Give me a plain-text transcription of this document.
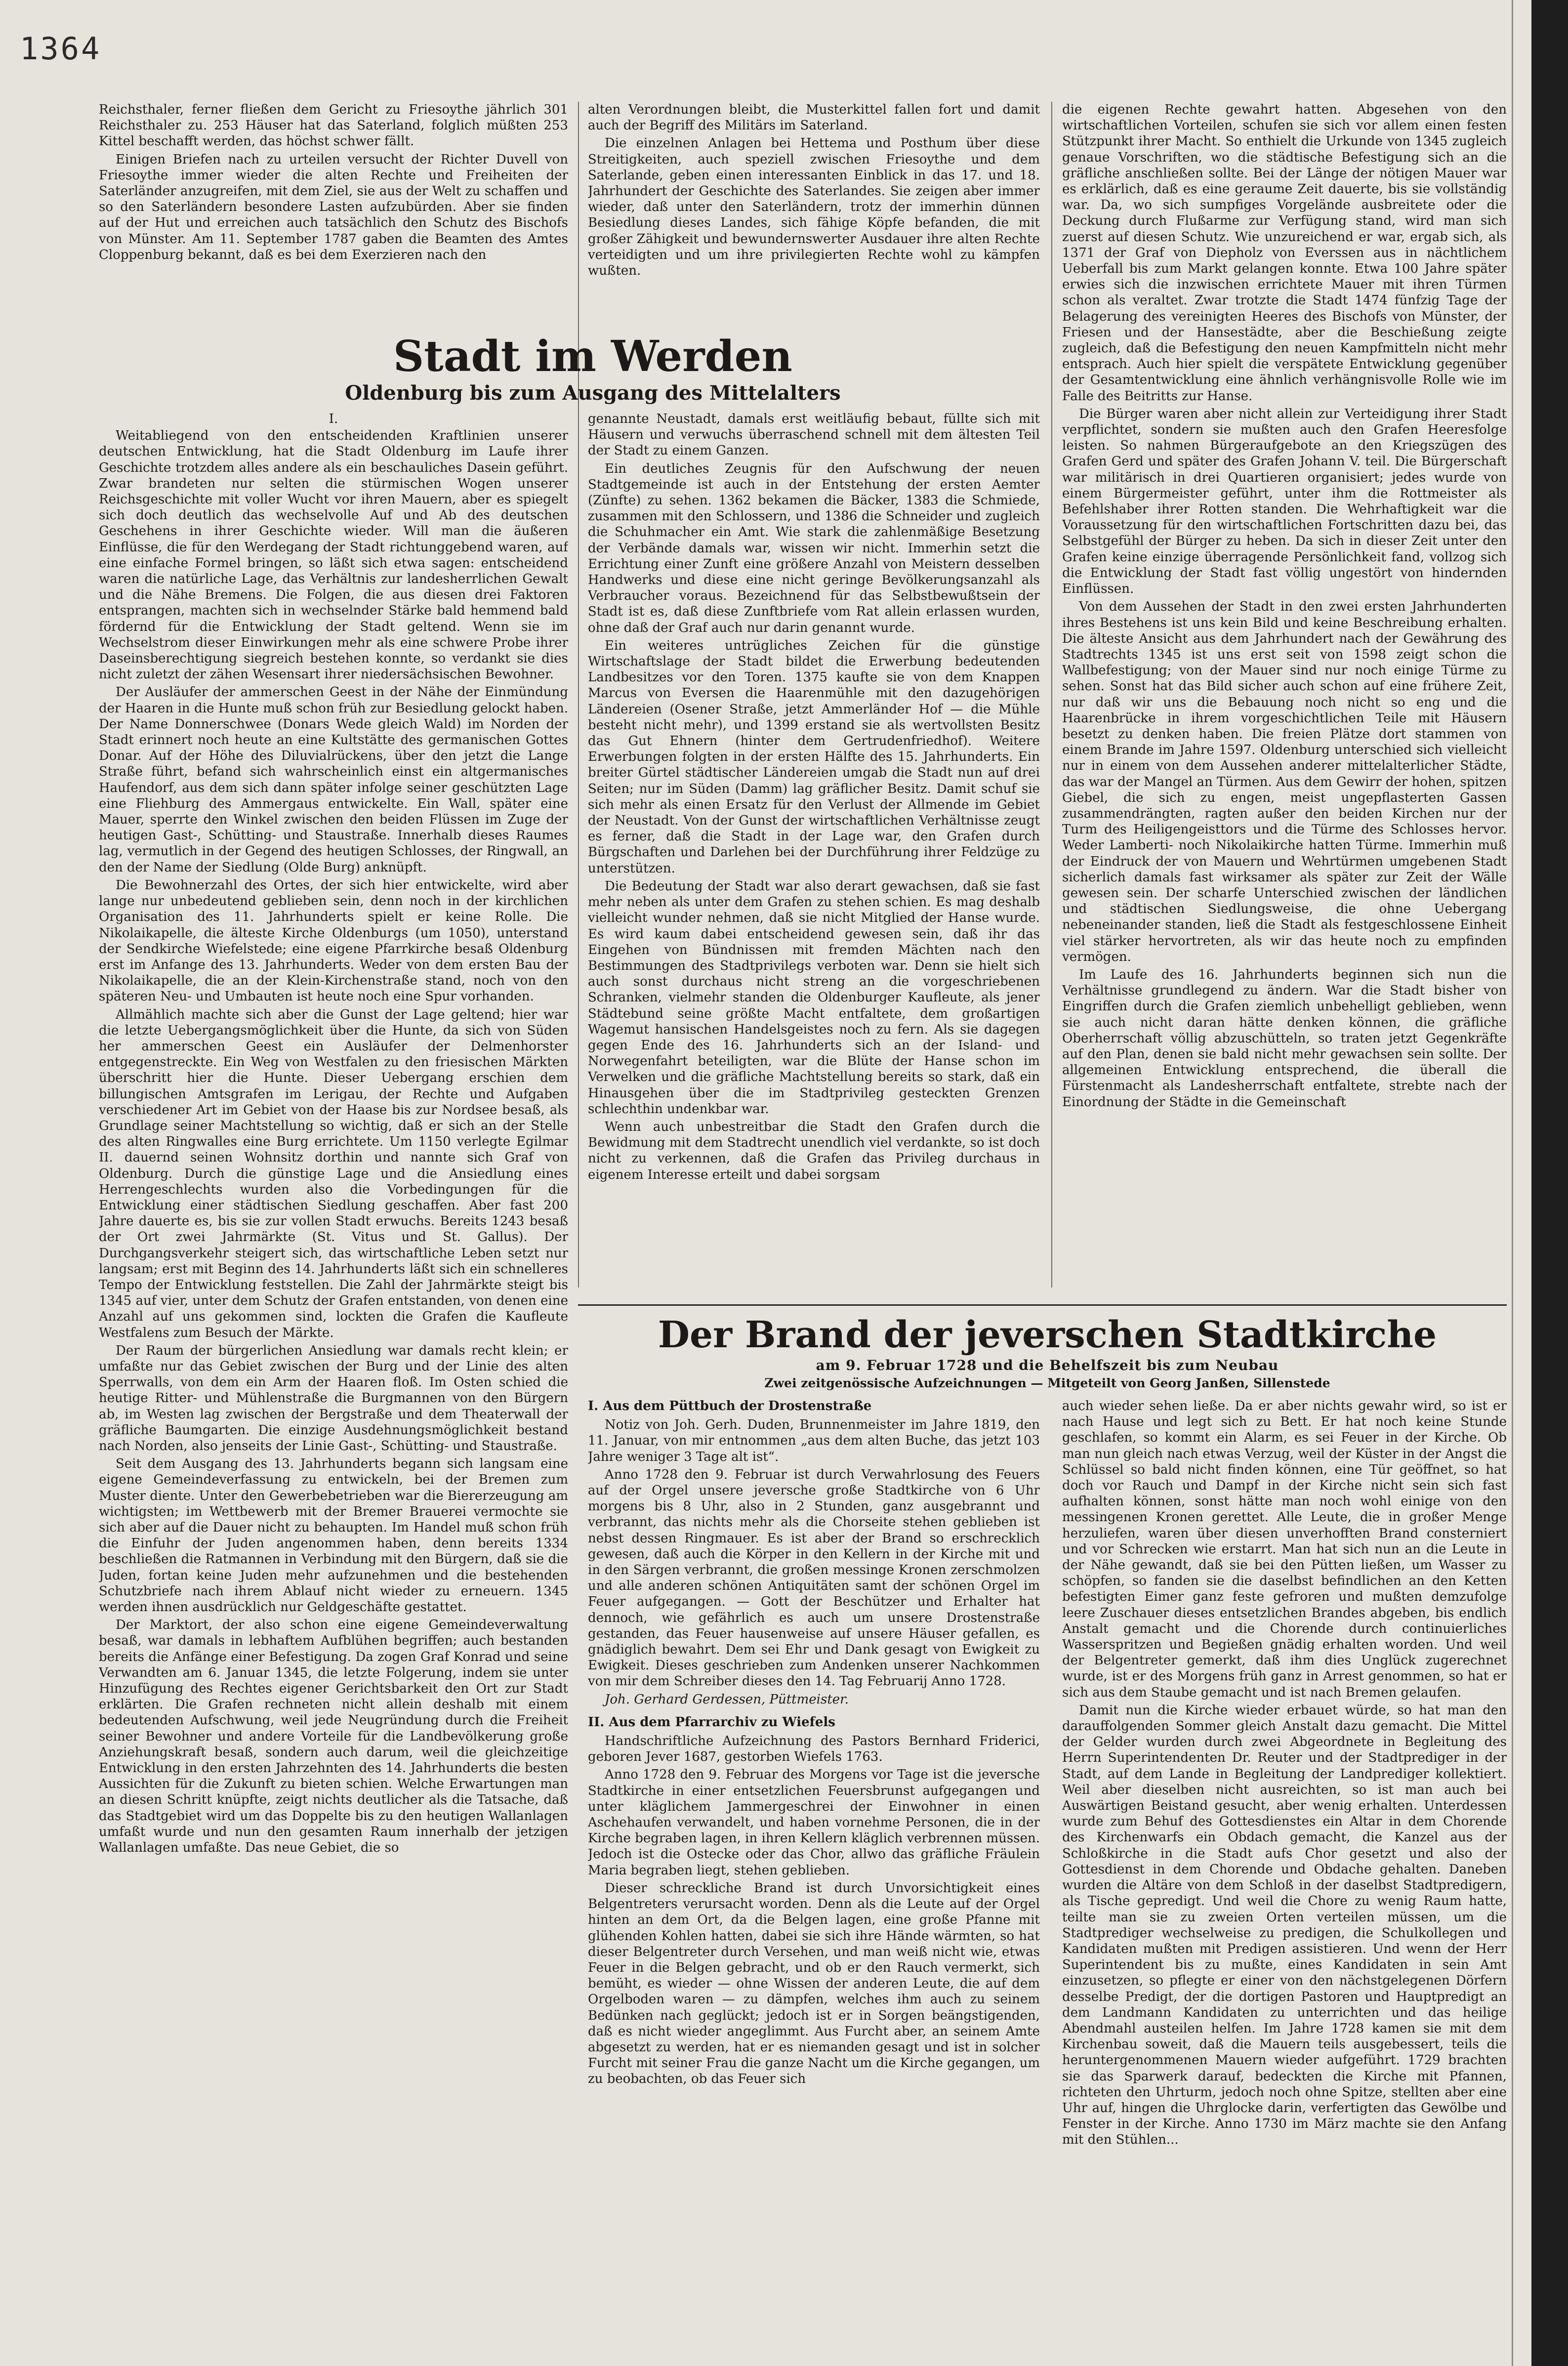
1364

Reichsthaler, ferner fließen dem Gericht zu Friesoythe jährlich 301 Reichsthaler zu. 253 Häuser hat das Saterland, folglich müßten 253 Kittel beschafft werden, das höchst schwer fällt.

Einigen Briefen nach zu urteilen versucht der Richter Duvell von Friesoythe immer wieder die alten Rechte und Freiheiten der Saterländer anzugreifen, mit dem Ziel, sie aus der Welt zu schaffen und so den Saterländern besondere Lasten aufzubürden. Aber sie finden auf der Hut und erreichen auch tatsächlich den Schutz des Bischofs von Münster. Am 11. September 1787 gaben die Beamten des Amtes Cloppenburg bekannt, daß es bei dem Exerzieren nach den

alten Verordnungen bleibt, die Musterkittel fallen fort und damit auch der Begriff des Militärs im Saterland.

Die einzelnen Anlagen bei Hettema und Posthum über diese Streitigkeiten, auch speziell zwischen Friesoythe und dem Saterlande, geben einen interessanten Einblick in das 17. und 18. Jahrhundert der Geschichte des Saterlandes. Sie zeigen aber immer wieder, daß unter den Saterländern, trotz der immerhin dünnen Besiedlung dieses Landes, sich fähige Köpfe befanden, die mit großer Zähigkeit und bewundernswerter Ausdauer ihre alten Rechte verteidigten und um ihre privilegierten Rechte wohl zu kämpfen wußten.

die eigenen Rechte gewahrt hatten. Abgesehen von den wirtschaftlichen Vorteilen, schufen sie sich vor allem einen festen Stützpunkt ihrer Macht. So enthielt die Urkunde von 1345 zugleich genaue Vorschriften, wo die städtische Befestigung sich an die gräfliche anschließen sollte. Bei der Länge der nötigen Mauer war es erklärlich, daß es eine geraume Zeit dauerte, bis sie vollständig war. Da, wo sich sumpfiges Vorgelände ausbreitete oder die Deckung durch Flußarme zur Verfügung stand, wird man sich zuerst auf diesen Schutz. Wie unzureichend er war, ergab sich, als 1371 der Graf von Diepholz von Everssen aus in nächtlichem Ueberfall bis zum Markt gelangen konnte. Etwa 100 Jahre später erwies sich die inzwischen errichtete Mauer mit ihren Türmen schon als veraltet. Zwar trotzte die Stadt 1474 fünfzig Tage der Belagerung des vereinigten Heeres des Bischofs von Münster, der Friesen und der Hansestädte, aber die Beschießung zeigte zugleich, daß die Befestigung den neuen Kampfmitteln nicht mehr entsprach. Auch hier spielt die verspätete Entwicklung gegenüber der Gesamtentwicklung eine ähnlich verhängnisvolle Rolle wie im Falle des Beitritts zur Hanse.

Die Bürger waren aber nicht allein zur Verteidigung ihrer Stadt verpflichtet, sondern sie mußten auch den Grafen Heeresfolge leisten. So nahmen Bürgeraufgebote an den Kriegszügen des Grafen Gerd und später des Grafen Johann V. teil. Die Bürgerschaft war militärisch in drei Quartieren organisiert; jedes wurde von einem Bürgermeister geführt, unter ihm die Rottmeister als Befehlshaber ihrer Rotten standen. Die Wehrhaftigkeit war die Voraussetzung für den wirtschaftlichen Fortschritten dazu bei, das Selbstgefühl der Bürger zu heben. Da sich in dieser Zeit unter den Grafen keine einzige überragende Persönlichkeit fand, vollzog sich die Entwicklung der Stadt fast völlig ungestört von hindernden Einflüssen.

Von dem Aussehen der Stadt in den zwei ersten Jahrhunderten ihres Bestehens ist uns kein Bild und keine Beschreibung erhalten. Die älteste Ansicht aus dem Jahrhundert nach der Gewährung des Stadtrechts 1345 ist uns erst seit von 1598 zeigt schon die Wallbefestigung; von der Mauer sind nur noch einige Türme zu sehen. Sonst hat das Bild sicher auch schon auf eine frühere Zeit, nur daß wir uns die Bebauung noch nicht so eng und die Haarenbrücke in ihrem vorgeschichtlichen Teile mit Häusern besetzt zu denken haben. Die freien Plätze dort stammen von einem Brande im Jahre 1597. Oldenburg unterschied sich vielleicht nur in einem von dem Aussehen anderer mittelalterlicher Städte, das war der Mangel an Türmen. Aus dem Gewirr der hohen, spitzen Giebel, die sich zu engen, meist ungepflasterten Gassen zusammendrängten, ragten außer den beiden Kirchen nur der Turm des Heiligengeisttors und die Türme des Schlosses hervor. Weder Lamberti- noch Nikolaikirche hatten Türme. Immerhin muß der Eindruck der von Mauern und Wehrtürmen umgebenen Stadt sicherlich damals fast wirksamer als später zur Zeit der Wälle gewesen sein. Der scharfe Unterschied zwischen der ländlichen und städtischen Siedlungsweise, die ohne Uebergang nebeneinander standen, ließ die Stadt als festgeschlossene Einheit viel stärker hervortreten, als wir das heute noch zu empfinden vermögen.

Im Laufe des 16. Jahrhunderts beginnen sich nun die Verhältnisse grundlegend zu ändern. War die Stadt bisher von Eingriffen durch die Grafen ziemlich unbehelligt geblieben, wenn sie auch nicht daran hätte denken können, die gräfliche Oberherrschaft völlig abzuschütteln, so traten jetzt Gegenkräfte auf den Plan, denen sie bald nicht mehr gewachsen sein sollte. Der allgemeinen Entwicklung entsprechend, die überall die Fürstenmacht als Landesherrschaft entfaltete, strebte nach der Einordnung der Städte in die Gemeinschaft

Stadt im Werden
Oldenburg bis zum Ausgang des Mittelalters

I.

Weitabliegend von den entscheidenden Kraftlinien unserer deutschen Entwicklung, hat die Stadt Oldenburg im Laufe ihrer Geschichte trotzdem alles andere als ein beschauliches Dasein geführt. Zwar brandeten nur selten die stürmischen Wogen unserer Reichsgeschichte mit voller Wucht vor ihren Mauern, aber es spiegelt sich doch deutlich das wechselvolle Auf und Ab des deutschen Geschehens in ihrer Geschichte wieder. Will man die äußeren Einflüsse, die für den Werdegang der Stadt richtunggebend waren, auf eine einfache Formel bringen, so läßt sich etwa sagen: entscheidend waren die natürliche Lage, das Verhältnis zur landesherrlichen Gewalt und die Nähe Bremens. Die Folgen, die aus diesen drei Faktoren entsprangen, machten sich in wechselnder Stärke bald hemmend bald fördernd für die Entwicklung der Stadt geltend. Wenn sie im Wechselstrom dieser Einwirkungen mehr als eine schwere Probe ihrer Daseinsberechtigung siegreich bestehen konnte, so verdankt sie dies nicht zuletzt der zähen Wesensart ihrer niedersächsischen Bewohner.

Der Ausläufer der ammerschen Geest in der Nähe der Einmündung der Haaren in die Hunte muß schon früh zur Besiedlung gelockt haben. Der Name Donnerschwee (Donars Wede gleich Wald) im Norden der Stadt erinnert noch heute an eine Kultstätte des germanischen Gottes Donar. Auf der Höhe des Diluvialrückens, über den jetzt die Lange Straße führt, befand sich wahrscheinlich einst ein altgermanisches Haufendorf, aus dem sich dann später infolge seiner geschützten Lage eine Fliehburg des Ammergaus entwickelte. Ein Wall, später eine Mauer, sperrte den Winkel zwischen den beiden Flüssen im Zuge der heutigen Gast-, Schütting- und Staustraße. Innerhalb dieses Raumes lag, vermutlich in der Gegend des heutigen Schlosses, der Ringwall, an den der Name der Siedlung (Olde Burg) anknüpft.

Die Bewohnerzahl des Ortes, der sich hier entwickelte, wird aber lange nur unbedeutend geblieben sein, denn noch in der kirchlichen Organisation des 11. Jahrhunderts spielt er keine Rolle. Die Nikolaikapelle, die älteste Kirche Oldenburgs (um 1050), unterstand der Sendkirche Wiefelstede; eine eigene Pfarrkirche besaß Oldenburg erst im Anfange des 13. Jahrhunderts. Weder von dem ersten Bau der Nikolaikapelle, die an der Klein-Kirchenstraße stand, noch von den späteren Neu- und Umbauten ist heute noch eine Spur vorhanden.

Allmählich machte sich aber die Gunst der Lage geltend; hier war die letzte Uebergangsmöglichkeit über die Hunte, da sich von Süden her ammerschen Geest ein Ausläufer der Delmenhorster entgegenstreckte. Ein Weg von Westfalen zu den friesischen Märkten überschritt hier die Hunte. Dieser Uebergang erschien dem billungischen Amtsgrafen im Lerigau, der Rechte und Aufgaben verschiedener Art im Gebiet von der Haase bis zur Nordsee besaß, als Grundlage seiner Machtstellung so wichtig, daß er sich an der Stelle des alten Ringwalles eine Burg errichtete. Um 1150 verlegte Egilmar II. dauernd seinen Wohnsitz dorthin und nannte sich Graf von Oldenburg. Durch die günstige Lage und die Ansiedlung eines Herrengeschlechts wurden also die Vorbedingungen für die Entwicklung einer städtischen Siedlung geschaffen. Aber fast 200 Jahre dauerte es, bis sie zur vollen Stadt erwuchs. Bereits 1243 besaß der Ort zwei Jahrmärkte (St. Vitus und St. Gallus). Der Durchgangsverkehr steigert sich, das wirtschaftliche Leben setzt nur langsam; erst mit Beginn des 14. Jahrhunderts läßt sich ein schnelleres Tempo der Entwicklung feststellen. Die Zahl der Jahrmärkte steigt bis 1345 auf vier, unter dem Schutz der Grafen entstanden, von denen eine Anzahl auf uns gekommen sind, lockten die Grafen die Kaufleute Westfalens zum Besuch der Märkte.

Der Raum der bürgerlichen Ansiedlung war damals recht klein; er umfaßte nur das Gebiet zwischen der Burg und der Linie des alten Sperrwalls, von dem ein Arm der Haaren floß. Im Osten schied die heutige Ritter- und Mühlenstraße die Burgmannen von den Bürgern ab, im Westen lag zwischen der Bergstraße und dem Theaterwall der gräfliche Baumgarten. Die einzige Ausdehnungsmöglichkeit bestand nach Norden, also jenseits der Linie Gast-, Schütting- und Staustraße.

Seit dem Ausgang des 13. Jahrhunderts begann sich langsam eine eigene Gemeindeverfassung zu entwickeln, bei der Bremen zum Muster diente. Unter den Gewerbebetrieben war die Biererzeugung am wichtigsten; im Wettbewerb mit der Bremer Brauerei vermochte sie sich aber auf die Dauer nicht zu behaupten. Im Handel muß schon früh die Einfuhr der Juden angenommen haben, denn bereits 1334 beschließen die Ratmannen in Verbindung mit den Bürgern, daß sie die Juden, fortan keine Juden mehr aufzunehmen und die bestehenden Schutzbriefe nach ihrem Ablauf nicht wieder zu erneuern. 1345 werden ihnen ausdrücklich nur Geldgeschäfte gestattet.

Der Marktort, der also schon eine eigene Gemeindeverwaltung besaß, war damals in lebhaftem Aufblühen begriffen; auch bestanden bereits die Anfänge einer Befestigung. Da zogen Graf Konrad und seine Verwandten am 6. Januar 1345, die letzte Folgerung, indem sie unter Hinzufügung des Rechtes eigener Gerichtsbarkeit den Ort zur Stadt erklärten. Die Grafen rechneten nicht allein deshalb mit einem bedeutenden Aufschwung, weil jede Neugründung durch die Freiheit seiner Bewohner und andere Vorteile für die Landbevölkerung große Anziehungskraft besaß, sondern auch darum, weil die gleichzeitige Entwicklung in den ersten Jahrzehnten des 14. Jahrhunderts die besten Aussichten für die Zukunft zu bieten schien. Welche Erwartungen man an diesen Schritt knüpfte, zeigt nichts deutlicher als die Tatsache, daß das Stadtgebiet wird um das Doppelte bis zu den heutigen Wallanlagen umfaßt wurde und nun den gesamten Raum innerhalb der jetzigen Wallanlagen umfaßte. Das neue Gebiet, die so

genannte Neustadt, damals erst weitläufig bebaut, füllte sich mit Häusern und verwuchs überraschend schnell mit dem ältesten Teil der Stadt zu einem Ganzen.

Ein deutliches Zeugnis für den Aufschwung der neuen Stadtgemeinde ist auch in der Entstehung der ersten Aemter (Zünfte) zu sehen. 1362 bekamen die Bäcker, 1383 die Schmiede, zusammen mit den Schlossern, und 1386 die Schneider und zugleich die Schuhmacher ein Amt. Wie stark die zahlenmäßige Besetzung der Verbände damals war, wissen wir nicht. Immerhin setzt die Errichtung einer Zunft eine größere Anzahl von Meistern desselben Handwerks und diese eine nicht geringe Bevölkerungsanzahl als Verbraucher voraus. Bezeichnend für das Selbstbewußtsein der Stadt ist es, daß diese Zunftbriefe vom Rat allein erlassen wurden, ohne daß der Graf auch nur darin genannt wurde.

Ein weiteres untrügliches Zeichen für die günstige Wirtschaftslage der Stadt bildet die Erwerbung bedeutenden Landbesitzes vor den Toren. 1375 kaufte sie von dem Knappen Marcus von Eversen die Haarenmühle mit den dazugehörigen Ländereien (Osener Straße, jetzt Ammerländer Hof — die Mühle besteht nicht mehr), und 1399 erstand sie als wertvollsten Besitz das Gut Ehnern (hinter dem Gertrudenfriedhof). Weitere Erwerbungen folgten in der ersten Hälfte des 15. Jahrhunderts. Ein breiter Gürtel städtischer Ländereien umgab die Stadt nun auf drei Seiten; nur im Süden (Damm) lag gräflicher Besitz. Damit schuf sie sich mehr als einen Ersatz für den Verlust der Allmende im Gebiet der Neustadt. Von der Gunst der wirtschaftlichen Verhältnisse zeugt es ferner, daß die Stadt in der Lage war, den Grafen durch Bürgschaften und Darlehen bei der Durchführung ihrer Feldzüge zu unterstützen.

Die Bedeutung der Stadt war also derart gewachsen, daß sie fast mehr neben als unter dem Grafen zu stehen schien. Es mag deshalb vielleicht wunder nehmen, daß sie nicht Mitglied der Hanse wurde. Es wird kaum dabei entscheidend gewesen sein, daß ihr das Eingehen von Bündnissen mit fremden Mächten nach den Bestimmungen des Stadtprivilegs verboten war. Denn sie hielt sich auch sonst durchaus nicht streng an die vorgeschriebenen Schranken, vielmehr standen die Oldenburger Kaufleute, als jener Städtebund seine größte Macht entfaltete, dem großartigen Wagemut hansischen Handelsgeistes noch zu fern. Als sie dagegen gegen Ende des 16. Jahrhunderts sich an der Island- und Norwegenfahrt beteiligten, war die Blüte der Hanse schon im Verwelken und die gräfliche Machtstellung bereits so stark, daß ein Hinausgehen über die im Stadtprivileg gesteckten Grenzen schlechthin undenkbar war.

Wenn auch unbestreitbar die Stadt den Grafen durch die Bewidmung mit dem Stadtrecht unendlich viel verdankte, so ist doch nicht zu verkennen, daß die Grafen das Privileg durchaus in eigenem Interesse erteilt und dabei sorgsam

Der Brand der jeverschen Stadtkirche
am 9. Februar 1728 und die Behelfszeit bis zum Neubau
Zwei zeitgenössische Aufzeichnungen — Mitgeteilt von Georg Janßen, Sillenstede

I. Aus dem Püttbuch der Drostenstraße

Notiz von Joh. Gerh. Duden, Brunnenmeister im Jahre 1819, den 11. Januar, von mir entnommen „aus dem alten Buche, das jetzt 103 Jahre weniger 3 Tage alt ist“.

Anno 1728 den 9. Februar ist durch Verwahrlosung des Feuers auf der Orgel unsere jeversche große Stadtkirche von 6 Uhr morgens bis 8 Uhr, also in 2 Stunden, ganz ausgebrannt und verbrannt, das nichts mehr als die Chorseite stehen geblieben ist nebst dessen Ringmauer. Es ist aber der Brand so erschrecklich gewesen, daß auch die Körper in den Kellern in der Kirche mit und in den Särgen verbrannt, die großen messinge Kronen zerschmolzen und alle anderen schönen Antiquitäten samt der schönen Orgel im Feuer aufgegangen. — Gott der Beschützer und Erhalter hat dennoch, wie gefährlich es auch um unsere Drostenstraße gestanden, das Feuer hausenweise auf unsere Häuser gefallen, es gnädiglich bewahrt. Dem sei Ehr und Dank gesagt von Ewigkeit zu Ewigkeit. Dieses geschrieben zum Andenken unserer Nachkommen von mir dem Schreiber dieses den 14. Tag Februarij Anno 1728.

Joh. Gerhard Gerdessen, Püttmeister.

II. Aus dem Pfarrarchiv zu Wiefels

Handschriftliche Aufzeichnung des Pastors Bernhard Friderici, geboren Jever 1687, gestorben Wiefels 1763.

Anno 1728 den 9. Februar des Morgens vor Tage ist die jeversche Stadtkirche in einer entsetzlichen Feuersbrunst aufgegangen und unter kläglichem Jammergeschrei der Einwohner in einen Aschehaufen verwandelt, und haben vornehme Personen, die in der Kirche begraben lagen, in ihren Kellern kläglich verbrennen müssen. Jedoch ist die Osteckе oder das Chor, allwo das gräfliche Fräulein Maria begraben liegt, stehen geblieben.

Dieser schreckliche Brand ist durch Unvorsichtigkeit eines Belgentreters verursacht worden. Denn als die Leute auf der Orgel hinten an dem Ort, da die Belgen lagen, eine große Pfanne mit glühenden Kohlen hatten, dabei sie sich ihre Hände wärmten, so hat dieser Belgentreter durch Versehen, und man weiß nicht wie, etwas Feuer in die Belgen gebracht, und ob er den Rauch vermerkt, sich bemüht, es wieder — ohne Wissen der anderen Leute, die auf dem Orgelboden waren — zu dämpfen, welches ihm auch zu seinem Bedünken nach geglückt; jedoch ist er in Sorgen beängstigenden, daß es nicht wieder angeglimmt. Aus Furcht aber, an seinem Amte abgesetzt zu werden, hat er es niemanden gesagt und ist in solcher Furcht mit seiner Frau die ganze Nacht um die Kirche gegangen, um zu beobachten, ob das Feuer sich

auch wieder sehen ließe. Da er aber nichts gewahr wird, so ist er nach Hause und legt sich zu Bett. Er hat noch keine Stunde geschlafen, so kommt ein Alarm, es sei Feuer in der Kirche. Ob man nun gleich nach etwas Verzug, weil der Küster in der Angst die Schlüssel so bald nicht finden können, eine Tür geöffnet, so hat doch vor Rauch und Dampf in der Kirche nicht sein sich fast aufhalten können, sonst hätte man noch wohl einige von den messingenen Kronen gerettet. Alle Leute, die in großer Menge herzuliefen, waren über diesen unverhofften Brand consterniert und vor Schrecken wie erstarrt. Man hat sich nun an die Leute in der Nähe gewandt, daß sie bei den Pütten ließen, um Wasser zu schöpfen, so fanden sie die daselbst befindlichen an den Ketten befestigten Eimer ganz feste gefroren und mußten demzufolge leere Zuschauer dieses entsetzlichen Brandes abgeben, bis endlich Anstalt gemacht und die Chorende durch continuierliches Wasserspritzen und Begießen gnädig erhalten worden. Und weil der Belgentreter gemerkt, daß ihm dies Unglück zugerechnet wurde, ist er des Morgens früh ganz in Arrest genommen, so hat er sich aus dem Staube gemacht und ist nach Bremen gelaufen.

Damit nun die Kirche wieder erbauet würde, so hat man den darauffolgenden Sommer gleich Anstalt dazu gemacht. Die Mittel der Gelder wurden durch zwei Abgeordnete in Begleitung des Herrn Superintendenten Dr. Reuter und der Stadtprediger in der Stadt, auf dem Lande in Begleitung der Landprediger kollektiert. Weil aber dieselben nicht ausreichten, so ist man auch bei Auswärtigen Beistand gesucht, aber wenig erhalten. Unterdessen wurde zum Behuf des Gottesdienstes ein Altar in dem Chorende des Kirchenwarfs ein Obdach gemacht, die Kanzel aus der Schloßkirche in die Stadt aufs Chor gesetzt und also der Gottesdienst in dem Chorende und Obdache gehalten. Daneben wurden die Altäre von dem Schloß in der daselbst Stadtpredigern, als Tische gepredigt. Und weil die Chore zu wenig Raum hatte, teilte man sie zu zweien Orten verteilen müssen, um die Stadtprediger wechselweise zu predigen, die Schulkollegen und Kandidaten mußten mit Predigen assistieren. Und wenn der Herr Superintendent bis zu mußte, eines Kandidaten in sein Amt einzusetzen, so pflegte er einer von den nächstgelegenen Dörfern desselbe Predigt, der die dortigen Pastoren und Hauptpredigt an dem Landmann Kandidaten zu unterrichten und das heilige Abendmahl austeilen helfen. Im Jahre 1728 kamen sie mit dem Kirchenbau soweit, daß die Mauern teils ausgebessert, teils die heruntergenommenen Mauern wieder aufgeführt. 1729 brachten sie das Sparwerk darauf, bedeckten die Kirche mit Pfannen, richteten den Uhrturm, jedoch noch ohne Spitze, stellten aber eine Uhr auf, hingen die Uhrglocke darin, verfertigten das Gewölbe und Fenster in der Kirche. Anno 1730 im März machte sie den Anfang mit den Stühlen...
